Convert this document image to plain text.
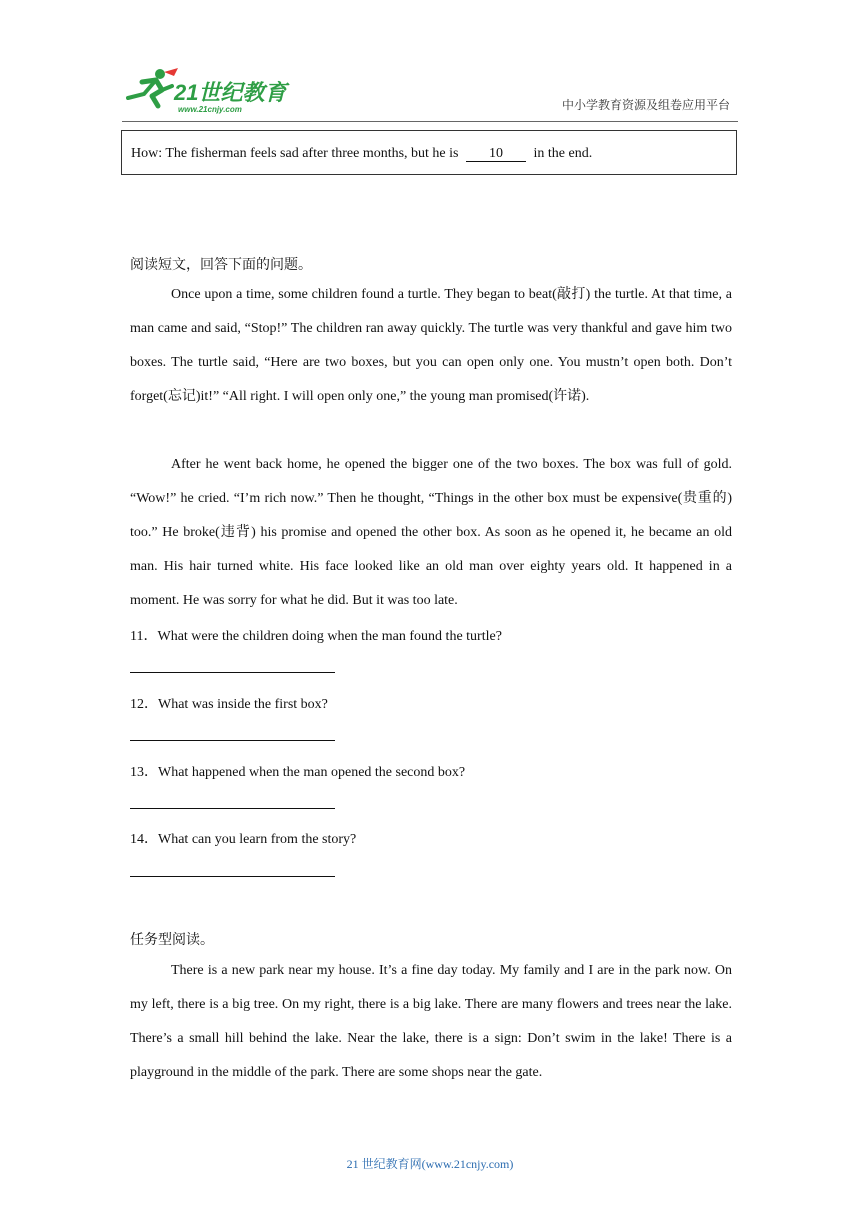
21世纪教育
www.21cnjy.com	中小学教育资源及组卷应用平台
How: The fisherman feels sad after three months, but he is 10 in the end.
阅读短文，回答下面的问题。

Once upon a time, some children found a turtle. They began to beat(敲打) the turtle. At that time, a man came and said, “Stop!” The children ran away quickly. The turtle was very thankful and gave him two boxes. The turtle said, “Here are two boxes, but you can open only one. You mustn’t open both. Don’t forget(忘记)it!” “All right. I will open only one,” the young man promised(许诺).

After he went back home, he opened the bigger one of the two boxes. The box was full of gold. “Wow!” he cried. “I’m rich now.” Then he thought, “Things in the other box must be expensive(贵重的) too.” He broke(违背) his promise and opened the other box. As soon as he opened it, he became an old man. His hair turned white. His face looked like an old man over eighty years old. It happened in a moment. He was sorry for what he did. But it was too late.

11．What were the children doing when the man found the turtle?
12．What was inside the first box?
13．What happened when the man opened the second box?
14．What can you learn from the story?
任务型阅读。

There is a new park near my house. It’s a fine day today. My family and I are in the park now. On my left, there is a big tree. On my right, there is a big lake. There are many flowers and trees near the lake. There’s a small hill behind the lake. Near the lake, there is a sign: Don’t swim in the lake! There is a playground in the middle of the park. There are some shops near the gate.

21 世纪教育网(www.21cnjy.com)
